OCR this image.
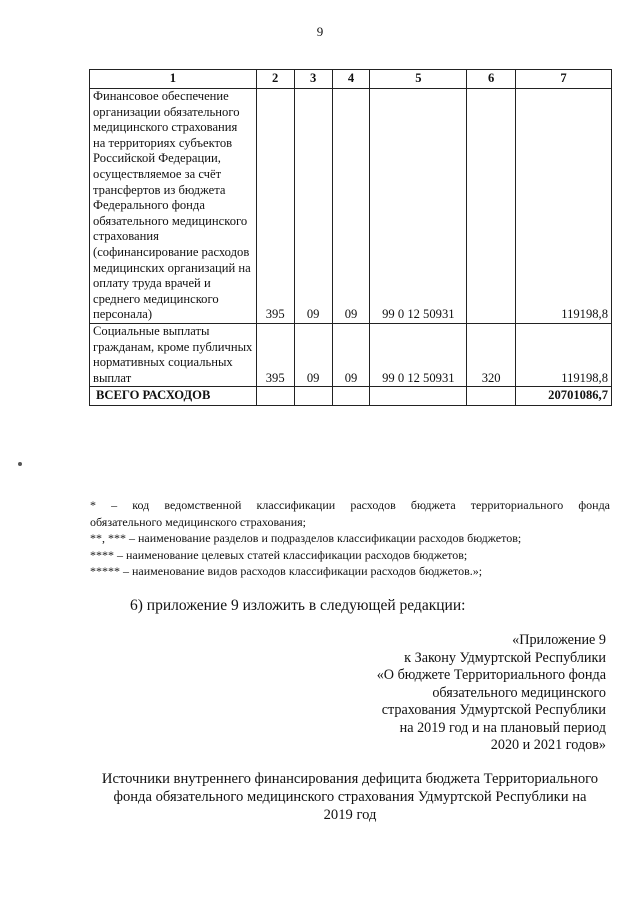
9
1	2	3	4	5	6	7
Финансовое обеспечение организации обязательного медицинского страхования на территориях субъектов Российской Федерации, осуществляемое за счёт трансфертов из бюджета Федерального фонда обязательного медицинского страхования (софинансирование расходов медицинских организаций на оплату труда врачей и среднего медицинского персонала)	395	09	09	99 0 12 50931		119198,8
Социальные выплаты гражданам, кроме публичных нормативных социальных выплат	395	09	09	99 0 12 50931	320	119198,8
ВСЕГО РАСХОДОВ						20701086,7

* – код ведомственной классификации расходов бюджета территориального фонда

обязательного медицинского страхования;

**, *** – наименование разделов и подразделов классификации расходов бюджетов;

**** – наименование целевых статей классификации расходов бюджетов;

***** – наименование видов расходов классификации расходов бюджетов.»;

6) приложение 9 изложить в следующей редакции:

«Приложение 9

к Закону Удмуртской Республики

«О бюджете Территориального фонда

обязательного медицинского

страхования Удмуртской Республики

на 2019 год и на плановый период

2020 и 2021 годов»

Источники внутреннего финансирования дефицита бюджета Территориального

фонда обязательного медицинского страхования Удмуртской Республики на

2019 год
